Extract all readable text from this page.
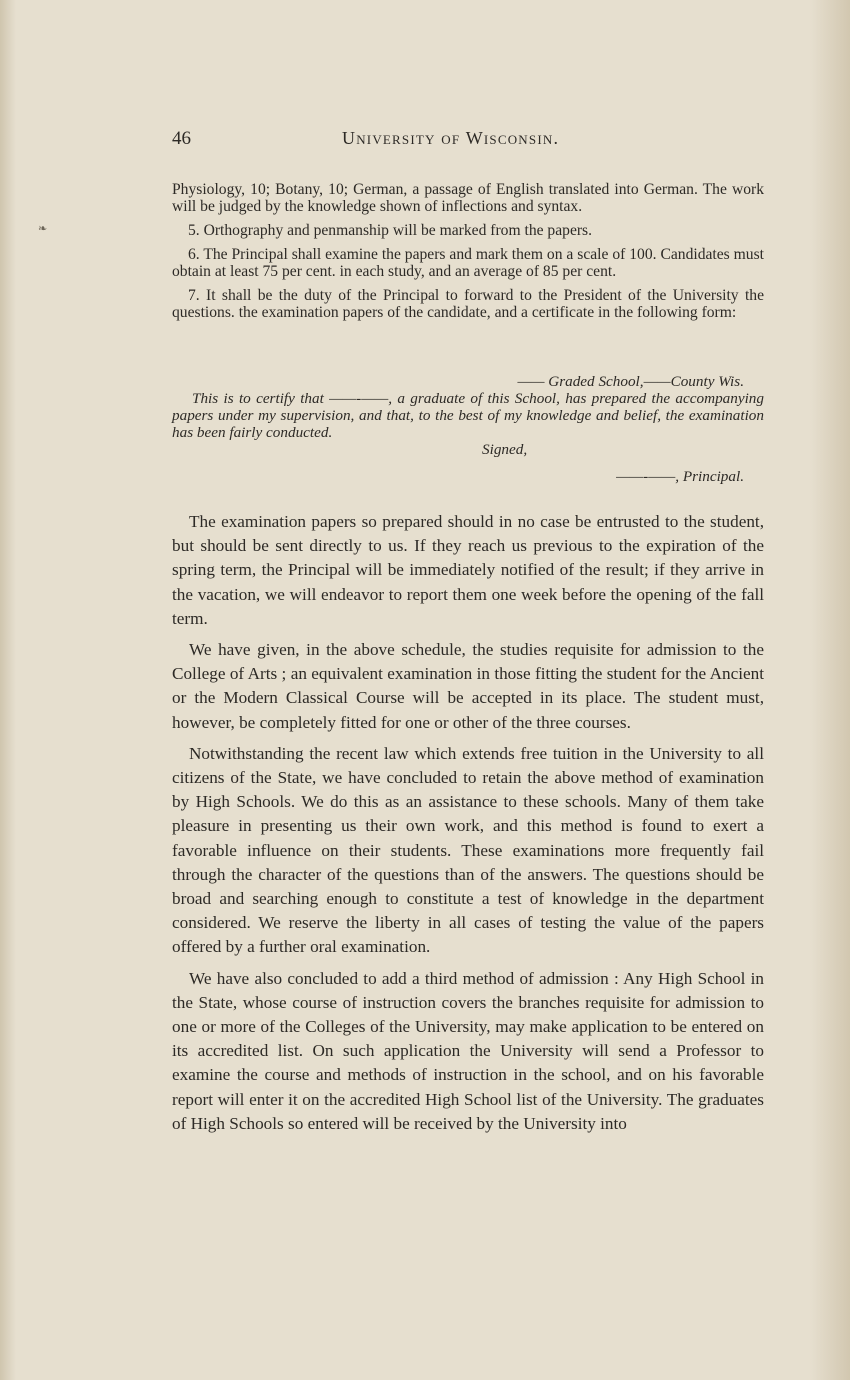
❧
46	University of Wisconsin.

Physiology, 10; Botany, 10; German, a passage of English translated into German. The work will be judged by the knowledge shown of inflections and syntax.

5. Orthography and penmanship will be marked from the papers.

6. The Principal shall examine the papers and mark them on a scale of 100. Candidates must obtain at least 75 per cent. in each study, and an average of 85 per cent.

7. It shall be the duty of the Principal to forward to the President of the University the questions. the examination papers of the candidate, and a certificate in the following form:

—— Graded School,——County Wis.
This is to certify that ——-——, a graduate of this School, has prepared the accompanying papers under my supervision, and that, to the best of my knowledge and belief, the examination has been fairly conducted.
Signed,
——-——, Principal.

The examination papers so prepared should in no case be entrusted to the student, but should be sent directly to us. If they reach us previous to the expiration of the spring term, the Principal will be immediately notified of the result; if they arrive in the vacation, we will endeavor to report them one week before the opening of the fall term.

We have given, in the above schedule, the studies requisite for admission to the College of Arts ; an equivalent examination in those fitting the student for the Ancient or the Modern Classical Course will be accepted in its place. The student must, however, be completely fitted for one or other of the three courses.

Notwithstanding the recent law which extends free tuition in the University to all citizens of the State, we have concluded to retain the above method of examination by High Schools. We do this as an assistance to these schools. Many of them take pleasure in presenting us their own work, and this method is found to exert a favorable influence on their students. These examinations more frequently fail through the character of the questions than of the answers. The questions should be broad and searching enough to constitute a test of knowledge in the department considered. We reserve the liberty in all cases of testing the value of the papers offered by a further oral examination.

We have also concluded to add a third method of admission : Any High School in the State, whose course of instruction covers the branches requisite for admission to one or more of the Colleges of the University, may make application to be entered on its accredited list. On such application the University will send a Professor to examine the course and methods of instruction in the school, and on his favorable report will enter it on the accredited High School list of the University. The graduates of High Schools so entered will be received by the University into
